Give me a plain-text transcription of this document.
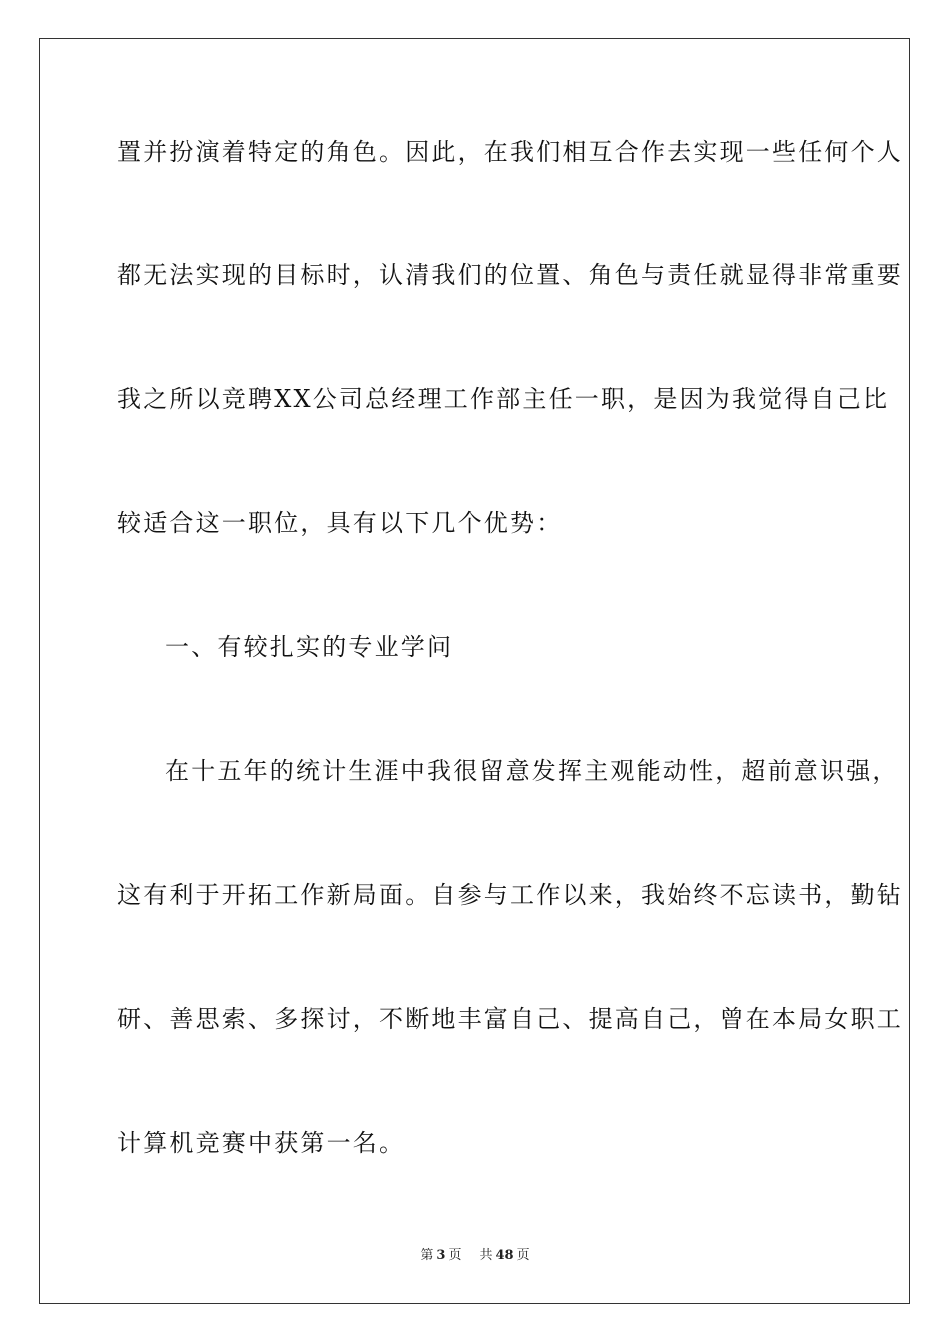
置并扮演着特定的角色。因此，在我们相互合作去实现一些任何个人
都无法实现的目标时，认清我们的位置、角色与责任就显得非常重要
我之所以竞聘XX公司总经理工作部主任一职，是因为我觉得自己比
较适合这一职位，具有以下几个优势：
一、有较扎实的专业学问
在十五年的统计生涯中我很留意发挥主观能动性，超前意识强，
这有利于开拓工作新局面。自参与工作以来，我始终不忘读书，勤钻
研、善思索、多探讨，不断地丰富自己、提高自己，曾在本局女职工
计算机竞赛中获第一名。
第 3 页 共 48 页
